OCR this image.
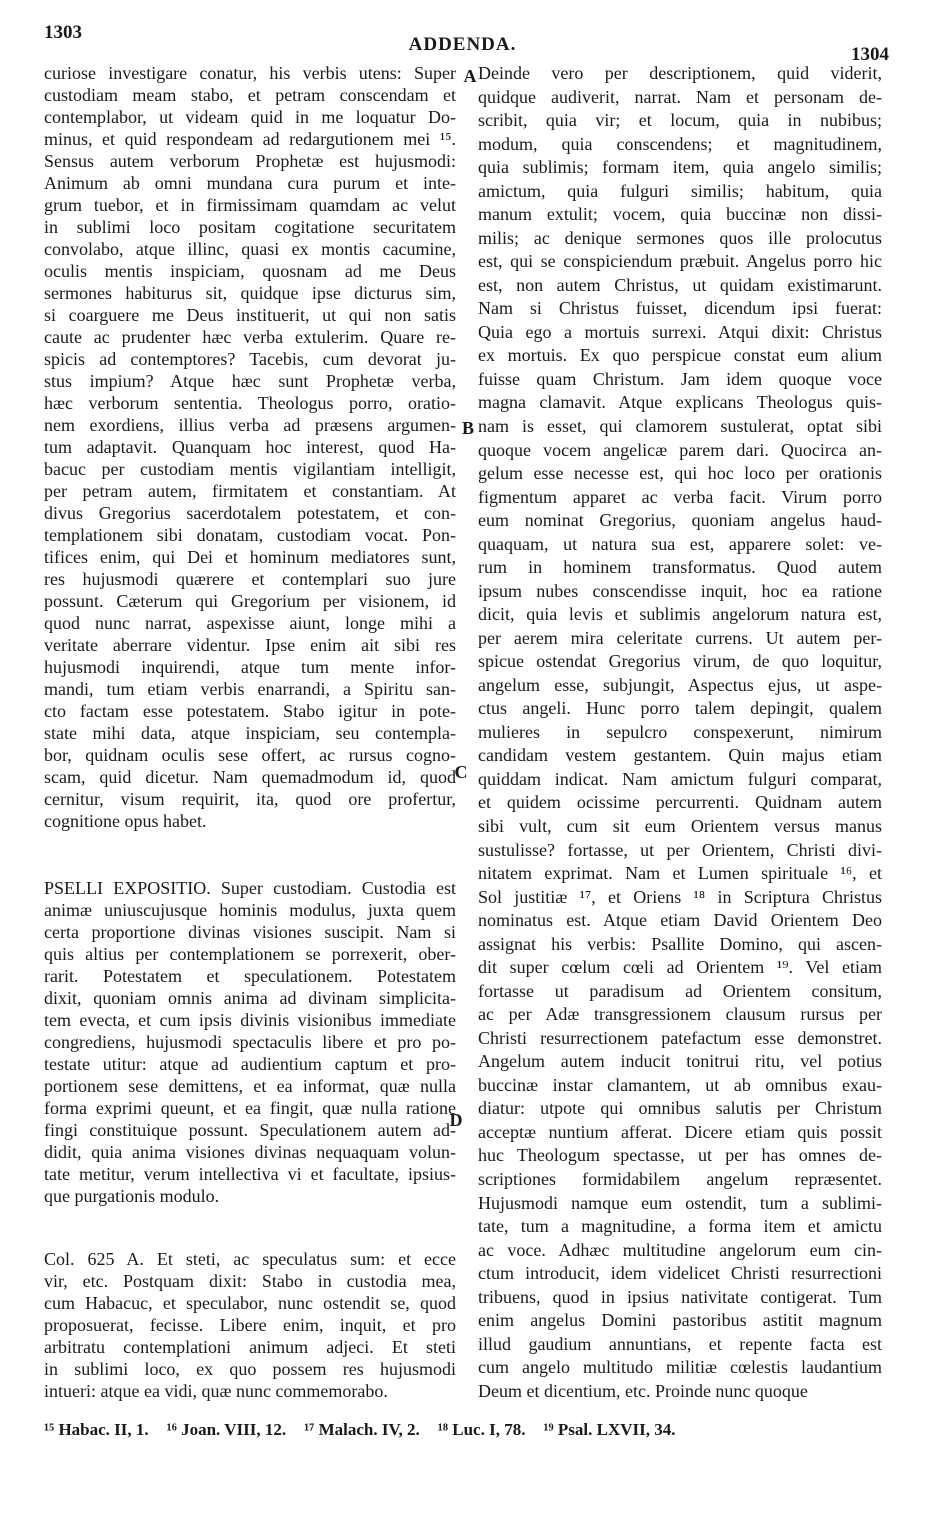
1303
ADDENDA.	1304

curiose investigare conatur, his verbis utens: Super
custodiam meam stabo, et petram conscendam et
contemplabor, ut videam quid in me loquatur Do-
minus, et quid respondeam ad redargutionem mei ¹⁵.
Sensus autem verborum Prophetæ est hujusmodi:
Animum ab omni mundana cura purum et inte-
grum tuebor, et in firmissimam quamdam ac velut
in sublimi loco positam cogitatione securitatem
convolabo, atque illinc, quasi ex montis cacumine,
oculis mentis inspiciam, quosnam ad me Deus
sermones habiturus sit, quidque ipse dicturus sim,
si coarguere me Deus instituerit, ut qui non satis
caute ac prudenter hæc verba extulerim. Quare re-
spicis ad contemptores? Tacebis, cum devorat ju-
stus impium? Atque hæc sunt Prophetæ verba,
hæc verborum sententia. Theologus porro, oratio-
nem exordiens, illius verba ad præsens argumen-
tum adaptavit. Quanquam hoc interest, quod Ha-
bacuc per custodiam mentis vigilantiam intelligit,
per petram autem, firmitatem et constantiam. At
divus Gregorius sacerdotalem potestatem, et con-
templationem sibi donatam, custodiam vocat. Pon-
tifices enim, qui Dei et hominum mediatores sunt,
res hujusmodi quærere et contemplari suo jure
possunt. Cæterum qui Gregorium per visionem, id
quod nunc narrat, aspexisse aiunt, longe mihi a
veritate aberrare videntur. Ipse enim ait sibi res
hujusmodi inquirendi, atque tum mente infor-
mandi, tum etiam verbis enarrandi, a Spiritu san-
cto factam esse potestatem. Stabo igitur in pote-
state mihi data, atque inspiciam, seu contempla-
bor, quidnam oculis sese offert, ac rursus cogno-
scam, quid dicetur. Nam quemadmodum id, quod
cernitur, visum requirit, ita, quod ore profertur,
cognitione opus habet.

PSELLI EXPOSITIO. Super custodiam. Custodia est
animæ uniuscujusque hominis modulus, juxta quem
certa proportione divinas visiones suscipit. Nam si
quis altius per contemplationem se porrexerit, ober-
rarit. Potestatem et speculationem. Potestatem
dixit, quoniam omnis anima ad divinam simplicita-
tem evecta, et cum ipsis divinis visionibus immediate
congrediens, hujusmodi spectaculis libere et pro po-
testate utitur: atque ad audientium captum et pro-
portionem sese demittens, et ea informat, quæ nulla
forma exprimi queunt, et ea fingit, quæ nulla ratione
fingi constituique possunt. Speculationem autem ad-
didit, quia anima visiones divinas nequaquam volun-
tate metitur, verum intellectiva vi et facultate, ipsius-
que purgationis modulo.

Col. 625 A. Et steti, ac speculatus sum: et ecce
vir, etc. Postquam dixit: Stabo in custodia mea,
cum Habacuc, et speculabor, nunc ostendit se, quod
proposuerat, fecisse. Libere enim, inquit, et pro
arbitratu contemplationi animum adjeci. Et steti
in sublimi loco, ex quo possem res hujusmodi
intueri: atque ea vidi, quæ nunc commemorabo.

Deinde vero per descriptionem, quid viderit,
quidque audiverit, narrat. Nam et personam de-
scribit, quia vir; et locum, quia in nubibus;
modum, quia conscendens; et magnitudinem,
quia sublimis; formam item, quia angelo similis;
amictum, quia fulguri similis; habitum, quia
manum extulit; vocem, quia buccinæ non dissi-
milis; ac denique sermones quos ille prolocutus
est, qui se conspiciendum præbuit. Angelus porro hic
est, non autem Christus, ut quidam existimarunt.
Nam si Christus fuisset, dicendum ipsi fuerat:
Quia ego a mortuis surrexi. Atqui dixit: Christus
ex mortuis. Ex quo perspicue constat eum alium
fuisse quam Christum. Jam idem quoque voce
magna clamavit. Atque explicans Theologus quis-
nam is esset, qui clamorem sustulerat, optat sibi
quoque vocem angelicæ parem dari. Quocirca an-
gelum esse necesse est, qui hoc loco per orationis
figmentum apparet ac verba facit. Virum porro
eum nominat Gregorius, quoniam angelus haud-
quaquam, ut natura sua est, apparere solet: ve-
rum in hominem transformatus. Quod autem
ipsum nubes conscendisse inquit, hoc ea ratione
dicit, quia levis et sublimis angelorum natura est,
per aerem mira celeritate currens. Ut autem per-
spicue ostendat Gregorius virum, de quo loquitur,
angelum esse, subjungit, Aspectus ejus, ut aspe-
ctus angeli. Hunc porro talem depingit, qualem
mulieres in sepulcro conspexerunt, nimirum
candidam vestem gestantem. Quin majus etiam
quiddam indicat. Nam amictum fulguri comparat,
et quidem ocissime percurrenti. Quidnam autem
sibi vult, cum sit eum Orientem versus manus
sustulisse? fortasse, ut per Orientem, Christi divi-
nitatem exprimat. Nam et Lumen spirituale ¹⁶, et
Sol justitiæ ¹⁷, et Oriens ¹⁸ in Scriptura Christus
nominatus est. Atque etiam David Orientem Deo
assignat his verbis: Psallite Domino, qui ascen-
dit super cœlum cœli ad Orientem ¹⁹. Vel etiam
fortasse ut paradisum ad Orientem consitum,
ac per Adæ transgressionem clausum rursus per
Christi resurrectionem patefactum esse demonstret.
Angelum autem inducit tonitrui ritu, vel potius
buccinæ instar clamantem, ut ab omnibus exau-
diatur: utpote qui omnibus salutis per Christum
acceptæ nuntium afferat. Dicere etiam quis possit
huc Theologum spectasse, ut per has omnes de-
scriptiones formidabilem angelum repræsentet.
Hujusmodi namque eum ostendit, tum a sublimi-
tate, tum a magnitudine, a forma item et amictu
ac voce. Adhæc multitudine angelorum eum cin-
ctum introducit, idem videlicet Christi resurrectioni
tribuens, quod in ipsius nativitate contigerat. Tum
enim angelus Domini pastoribus astitit magnum
illud gaudium annuntians, et repente facta est
cum angelo multitudo militiæ cœlestis laudantium
Deum et dicentium, etc. Proinde nunc quoque
A
B
C
D
¹⁵ Habac. II, 1. ¹⁶ Joan. VIII, 12. ¹⁷ Malach. IV, 2. ¹⁸ Luc. I, 78. ¹⁹ Psal. LXVII, 34.
